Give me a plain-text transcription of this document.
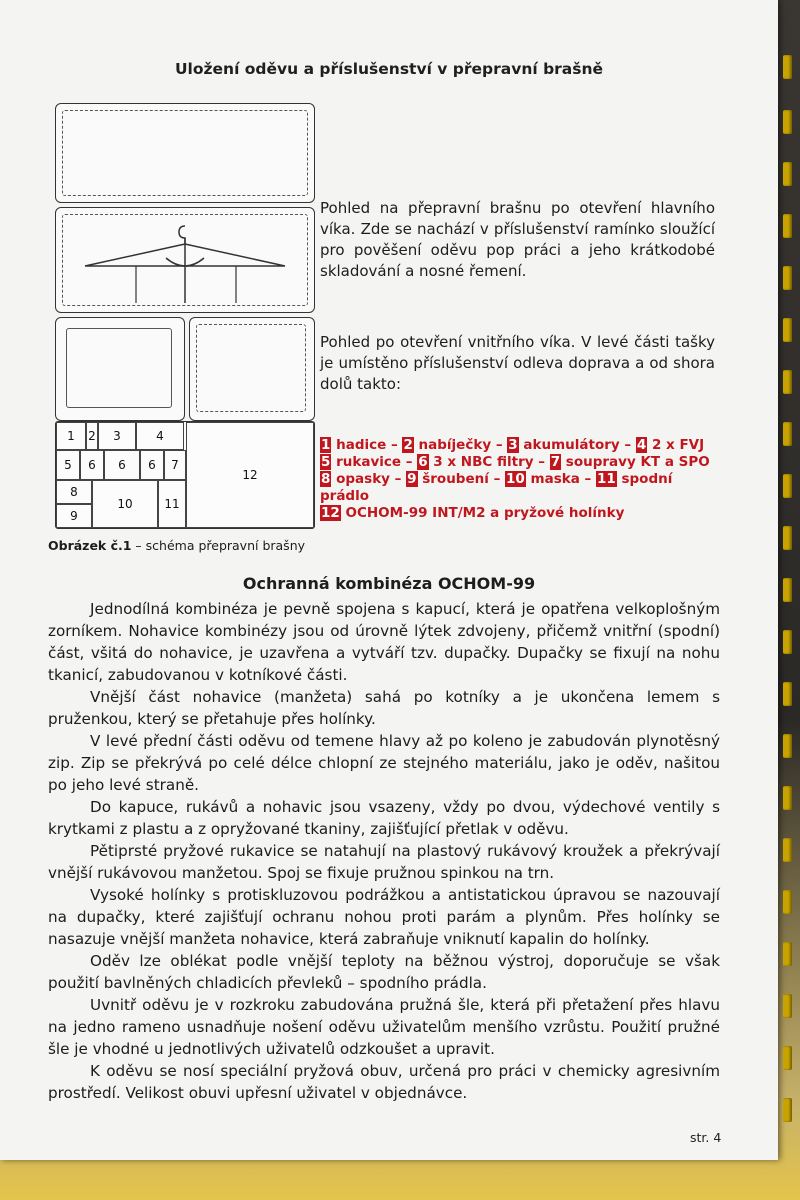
Uložení oděvu a příslušenství v přepravní brašně
1	2	3	4
5	6	6	6	7
8
9
10	11
12
Pohled na přepravní brašnu po otevření hlavního víka. Zde se nachází v příslušenství ramínko sloužící pro pověšení oděvu pop práci a jeho krátkodobé skladování a nosné řemení.
Pohled po otevření vnitřního víka. V levé části tašky je umístěno příslušenství odleva doprava a od shora dolů takto:
1 hadice – 2 nabíječky – 3 akumulátory – 4 2 x FVJ
5 rukavice – 6 3 x NBC filtry – 7 soupravy KT a SPO
8 opasky – 9 šroubení – 10 maska – 11 spodní prádlo
12 OCHOM-99 INT/M2 a pryžové holínky
Obrázek č.1 – schéma přepravní brašny
Ochranná kombinéza OCHOM-99

Jednodílná kombinéza je pevně spojena s kapucí, která je opatřena velkoplošným zorníkem. Nohavice kombinézy jsou od úrovně lýtek zdvojeny, přičemž vnitřní (spodní) část, všitá do nohavice, je uzavřena a vytváří tzv. dupačky. Dupačky se fixují na nohu tkanicí, zabudovanou v kotníkové části.

Vnější část nohavice (manžeta) sahá po kotníky a je ukončena lemem s pruženkou, který se přetahuje přes holínky.

V levé přední části oděvu od temene hlavy až po koleno je zabudován plynotěsný zip. Zip se překrývá po celé délce chlopní ze stejného materiálu, jako je oděv, našitou po jeho levé straně.

Do kapuce, rukávů a nohavic jsou vsazeny, vždy po dvou, výdechové ventily s krytkami z plastu a z opryžované tkaniny, zajišťující přetlak v oděvu.

Pětiprsté pryžové rukavice se natahují na plastový rukávový kroužek a překrývají vnější rukávovou manžetou. Spoj se fixuje pružnou spinkou na trn.

Vysoké holínky s protiskluzovou podrážkou a antistatickou úpravou se nazouvají na dupačky, které zajišťují ochranu nohou proti parám a plynům. Přes holínky se nasazuje vnější manžeta nohavice, která zabraňuje vniknutí kapalin do holínky.

Oděv lze oblékat podle vnější teploty na běžnou výstroj, doporučuje se však použití bavlněných chladicích převleků – spodního prádla.

Uvnitř oděvu je v rozkroku zabudována pružná šle, která při přetažení přes hlavu na jedno rameno usnadňuje nošení oděvu uživatelům menšího vzrůstu. Použití pružné šle je vhodné u jednotlivých uživatelů odzkoušet a upravit.

K oděvu se nosí speciální pryžová obuv, určená pro práci v chemicky agresivním prostředí. Velikost obuvi upřesní uživatel v objednávce.

str. 4
